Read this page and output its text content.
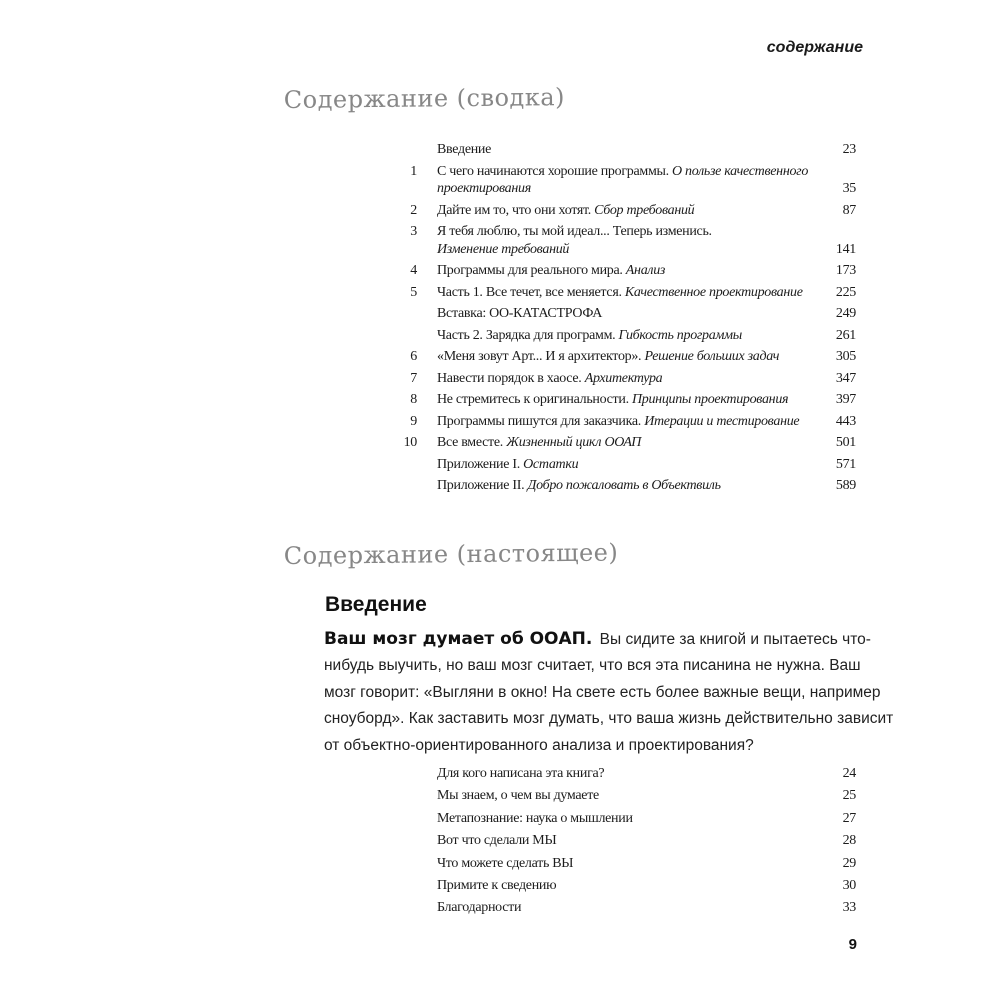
содержание
Содержание (сводка)
Введение	23
1 С чего начинаются хорошие программы. О пользе качественного
проектирования	35
2 Дайте им то, что они хотят. Сбор требований	87
3 Я тебя люблю, ты мой идеал... Теперь изменись.
Изменение требований	141
4 Программы для реального мира. Анализ	173
5 Часть 1. Все течет, все меняется. Качественное проектирование 225
Вставка: ОО-КАТАСТРОФА	249
Часть 2. Зарядка для программ. Гибкость программы	261
6 «Меня зовут Арт... И я архитектор». Решение больших задач	305
7 Навести порядок в хаосе. Архитектура	347
8 Не стремитесь к оригинальности. Принципы проектирования	397
9 Программы пишутся для заказчика. Итерации и тестирование	443
10 Все вместе. Жизненный цикл ООАП	501
Приложение I. Остатки	571
Приложение II. Добро пожаловать в Объектвиль	589
Содержание (настоящее)
Введение

Ваш мозг думает об ООАП. Вы сидите за книгой и пытаетесь что-нибудь выучить, но ваш мозг считает, что вся эта писанина не нужна. Ваш мозг говорит: «Выгляни в окно! На свете есть более важные вещи, например сноуборд». Как заставить мозг думать, что ваша жизнь действительно зависит от объектно-ориентированного анализа и проектирования?

Для кого написана эта книга?	24
Мы знаем, о чем вы думаете	25
Метапознание: наука о мышлении	27
Вот что сделали МЫ	28
Что можете сделать ВЫ	29
Примите к сведению	30
Благодарности	33
9
